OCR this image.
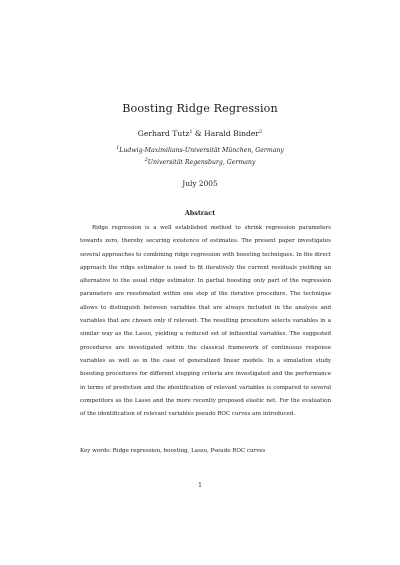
Boosting Ridge Regression
Gerhard Tutz$^1$ & Harald Binder$^2$
$^1$Ludwig-Maximilians-Universität München, Germany
$^2$Universität Regensburg, Germany
July 2005
Abstract

Ridge regression is a well established method to shrink regression parameters towards zero, thereby securing existence of estimates. The present paper investigates several approaches to combining ridge regression with boosting techniques. In the direct approach the ridge estimator is used to fit iteratively the current residuals yielding an alternative to the usual ridge estimator. In partial boosting only part of the regression parameters are reestimated within one step of the iterative procedure. The technique allows to distinguish between variables that are always included in the analysis and variables that are chosen only if relevant. The resulting procedure selects variables in a similar way as the Lasso, yielding a reduced set of influential variables. The suggested procedures are investigated within the classical framework of continuous response variables as well as in the case of generalized linear models. In a simulation study boosting procedures for different stopping criteria are investigated and the performance in terms of prediction and the identification of relevant variables is compared to several competitors as the Lasso and the more recently proposed elastic net. For the evaluation of the identification of relevant variables pseudo ROC curves are introduced.

Key words: Ridge regression, boosting, Lasso, Pseudo ROC curves

1
